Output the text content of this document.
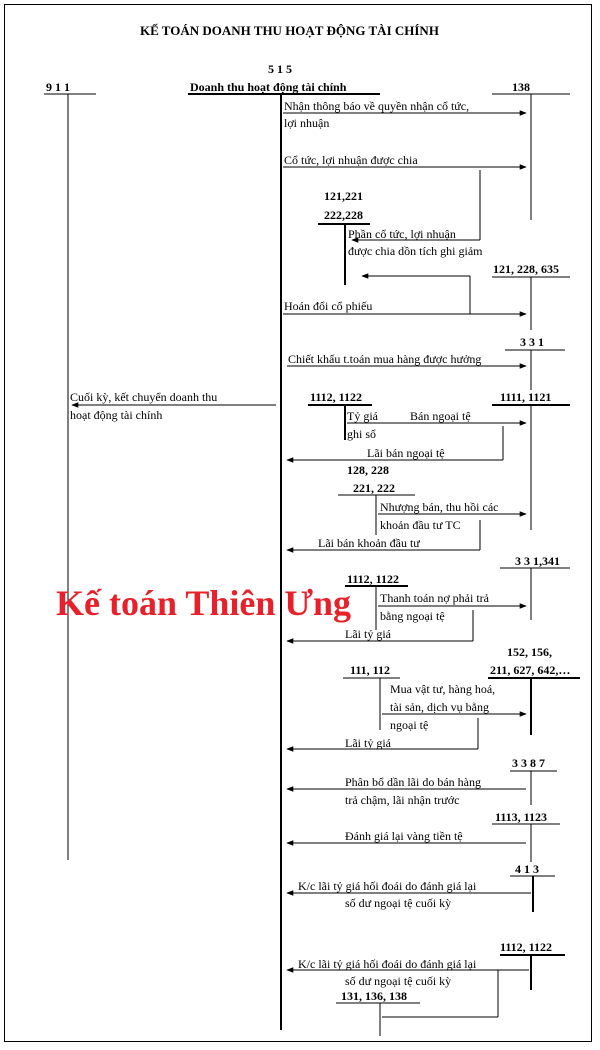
KẾ TOÁN DOANH THU HOẠT ĐỘNG TÀI CHÍNH
5 1 5
Doanh thu hoạt động tài chính
9 1 1	138
Nhận thông báo về quyền nhận cổ tức,
lợi nhuận
Cổ tức, lợi nhuận được chia
121,221
222,228
Phần cổ tức, lợi nhuận
được chia dồn tích ghi giảm
121, 228, 635
Hoán đổi cổ phiếu
3 3 1
Chiết khấu t.toán mua hàng được hưởng
Cuối kỳ, kết chuyển doanh thu
hoạt động tài chính
1112, 1122	1111, 1121
Tỷ giá
ghi sổ
Bán ngoại tệ
Lãi bán ngoại tệ
128, 228
221, 222
Nhượng bán, thu hồi các
khoản đầu tư TC
Lãi bán khoản đầu tư
3 3 1,341
1112, 1122
Thanh toán nợ phải trả
bằng ngoại tệ
Lãi tỷ giá
152, 156,
211, 627, 642,…
111, 112
Mua vật tư, hàng hoá,
tài sản, dịch vụ bằng
ngoại tệ
Lãi tỷ giá
3 3 8 7
Phân bổ dần lãi do bán hàng
trả chậm, lãi nhận trước
1113, 1123
Đánh giá lại vàng tiền tệ
4 1 3
K/c lãi tỷ giá hối đoái do đánh giá lại
số dư ngoại tệ cuối kỳ
1112, 1122
K/c lãi tỷ giá hối đoái do đánh giá lại
số dư ngoại tệ cuối kỳ
131, 136, 138
Kế toán Thiên Ưng
